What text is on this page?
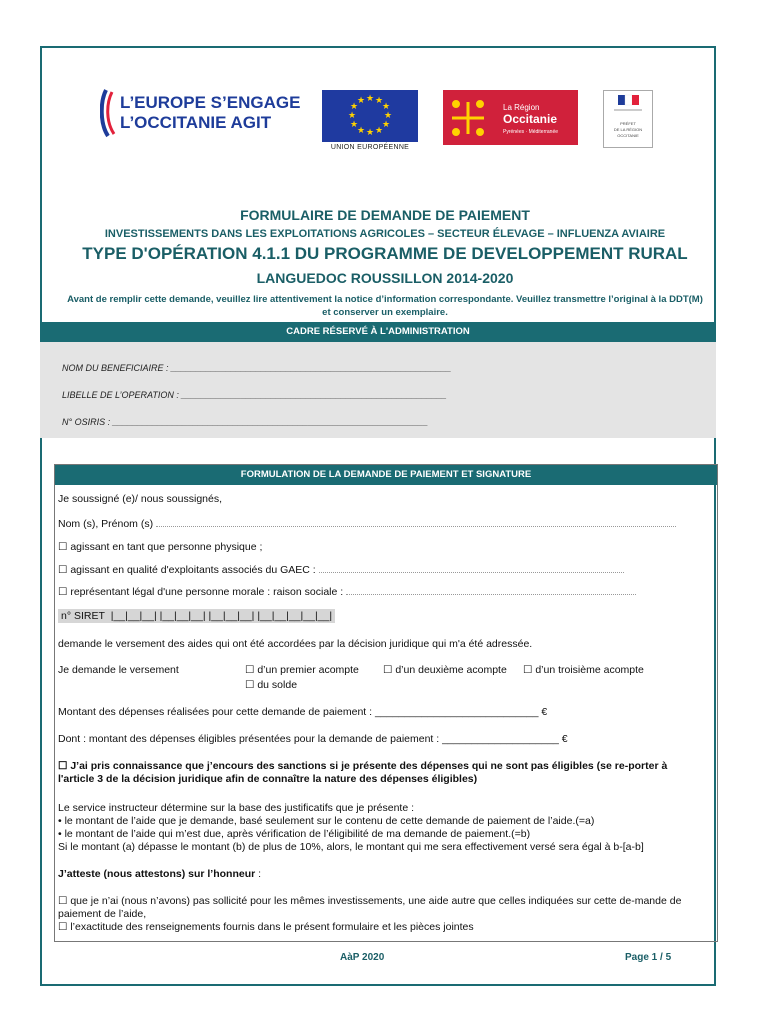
L’EUROPE S’ENGAGE
L’OCCITANIE AGIT
★ ★
★
★
★
★
★
★
★
★
★
★
UNION EUROPÉENNE
La Région
Occitanie
Pyrénées · Méditerranée
PRÉFET
DE LA RÉGION
OCCITANIE
FORMULAIRE DE DEMANDE DE PAIEMENT
INVESTISSEMENTS DANS LES EXPLOITATIONS AGRICOLES – SECTEUR ÉLEVAGE – INFLUENZA AVIAIRE
TYPE D'OPÉRATION 4.1.1 DU PROGRAMME DE DEVELOPPEMENT RURAL
LANGUEDOC ROUSSILLON 2014-2020
Avant de remplir cette demande, veuillez lire attentivement la notice d’information correspondante. Veuillez transmettre l’original à la DDT(M) et conserver un exemplaire.
CADRE RÉSERVÉ À L'ADMINISTRATION
NOM DU BENEFICIAIRE : ________________________________________________________
LIBELLE DE L’OPERATION : _____________________________________________________
N° OSIRIS : _______________________________________________________________
FORMULATION DE LA DEMANDE DE PAIEMENT ET SIGNATURE
Je soussigné (e)/ nous soussignés,
Nom (s), Prénom (s)
☐ agissant en tant que personne physique ;
☐ agissant en qualité d'exploitants associés du GAEC :
☐ représentant légal d'une personne morale : raison sociale :
n° SIRET |__|__|__| |__|__|__| |__|__|__| |__|__|__|__|__|
demande le versement des aides qui ont été accordées par la décision juridique qui m'a été adressée.
Je demande le versement	☐ d’un premier acompte ☐ d’un deuxième acompte ☐ d’un troisième acompte
☐ du solde
Montant des dépenses réalisées pour cette demande de paiement : ____________________________ €
Dont : montant des dépenses éligibles présentées pour la demande de paiement : ____________________ €
☐ J’ai pris connaissance que j’encours des sanctions si je présente des dépenses qui ne sont pas éligibles (se re-porter à l'article 3 de la décision juridique afin de connaître la nature des dépenses éligibles)
Le service instructeur détermine sur la base des justificatifs que je présente :
• le montant de l’aide que je demande, basé seulement sur le contenu de cette demande de paiement de l’aide.(=a)
• le montant de l’aide qui m’est due, après vérification de l’éligibilité de ma demande de paiement.(=b)
Si le montant (a) dépasse le montant (b) de plus de 10%, alors, le montant qui me sera effectivement versé sera égal à b-[a-b]
J’atteste (nous attestons) sur l’honneur :
☐ que je n’ai (nous n’avons) pas sollicité pour les mêmes investissements, une aide autre que celles indiquées sur cette de-mande de paiement de l’aide,
☐ l’exactitude des renseignements fournis dans le présent formulaire et les pièces jointes
AàP 2020	Page 1 / 5
